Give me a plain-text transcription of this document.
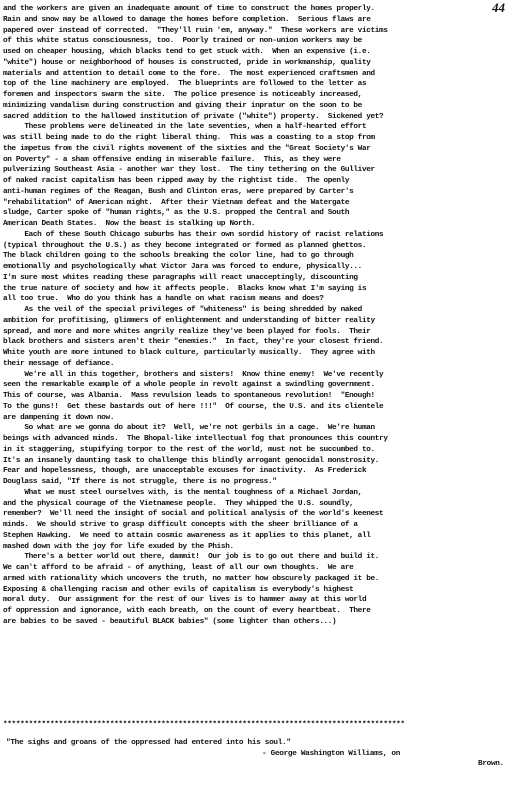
44
and the workers are given an inadequate amount of time to construct the homes properly.
Rain and snow may be allowed to damage the homes before completion.  Serious flaws are
papered over instead of corrected.  "They'll ruin 'em, anyway."  These workers are victims
of this white status consciousness, too.  Poorly trained or non-union workers may be
used on cheaper housing, which blacks tend to get stuck with.  When an expensive (i.e.
"white") house or neighborhood of houses is constructed, pride in workmanship, quality
materials and attention to detail come to the fore.  The most experienced craftsmen and
top of the line machinery are employed.  The blueprints are followed to the letter as
foremen and inspectors swarm the site.  The police presence is noticeably increased,
minimizing vandalism during construction and giving their inpratur on the soon to be
sacred addition to the hallowed institution of private ("white") property.  Sickened yet?
These problems were delineated in the late seventies, when a half-hearted effort
was still being made to do the right liberal thing.  This was a coasting to a stop from
the impetus from the civil rights movement of the sixties and the "Great Society's War
on Poverty" - a sham offensive ending in miserable failure.  This, as they were
pulverizing Southeast Asia - another war they lost.  The tiny tethering on the Gulliver
of naked racist capitalism has been ripped away by the rightist tide.  The openly
anti-human regimes of the Reagan, Bush and Clinton eras, were prepared by Carter's
"rehabilitation" of American might.  After their Vietnam defeat and the Watergate
sludge, Carter spoke of "human rights," as the U.S. propped the Central and South
American Death States.  Now the beast is stalking up North.
Each of these South Chicago suburbs has their own sordid history of racist relations
(typical throughout the U.S.) as they become integrated or formed as planned ghettos.
The black children going to the schools breaking the color line, had to go through
emotionally and psychologically what Victor Jara was forced to endure, physically...
I'm sure most whites reading these paragraphs will react unacceptingly, discounting
the true nature of society and how it affects people.  Blacks know what I'm saying is
all too true.  Who do you think has a handle on what racism means and does?
As the veil of the special privileges of "whiteness" is being shredded by naked
ambition for profitising, glimmers of enlightenment and understanding of bitter reality
spread, and more and more whites angrily realize they've been played for fools.  Their
black brothers and sisters aren't their "enemies."  In fact, they're your closest friend.
White youth are more intuned to black culture, particularly musically.  They agree with
their message of defiance.
We're all in this together, brothers and sisters!  Know thine enemy!  We've recently
seen the remarkable example of a whole people in revolt against a swindling government.
This of course, was Albania.  Mass revulsion leads to spontaneous revolution!  "Enough!
To the guns!!  Get these bastards out of here !!!"  Of course, the U.S. and its clientele
are dampening it down now.
So what are we gonna do about it?  Well, we're not gerbils in a cage.  We're human
beings with advanced minds.  The Bhopal-like intellectual fog that pronounces this country
in it staggering, stupifying torpor to the rest of the world, must not be succumbed to.
It's an insanely daunting task to challenge this blindly arrogant genocidal monstrosity.
Fear and hopelessness, though, are unacceptable excuses for inactivity.  As Frederick
Douglass said, "If there is not struggle, there is no progress."
What we must steel ourselves with, is the mental toughness of a Michael Jordan,
and the physical courage of the Vietnamese people.  They whipped the U.S. soundly,
remember?  We'll need the insight of social and political analysis of the world's keenest
minds.  We should strive to grasp difficult concepts with the sheer brilliance of a
Stephen Hawking.  We need to attain cosmic awareness as it applies to this planet, all
mashed down with the joy for life exuded by the Phish.
There's a better world out there, dammit!  Our job is to go out there and build it.
We can't afford to be afraid - of anything, least of all our own thoughts.  We are
armed with rationality which uncovers the truth, no matter how obscurely packaged it be.
Exposing & challenging racism and other evils of capitalism is everybody's highest
moral duty.  Our assignment for the rest of our lives is to hammer away at this world
of oppression and ignorance, with each breath, on the count of every heartbeat.  There
are babies to be saved - beautiful BLACK babies" (some lighter than others...)
**********************************************************************************************
"The sighs and groans of the oppressed had entered into his soul."
- George Washington Williams, on
Brown.
